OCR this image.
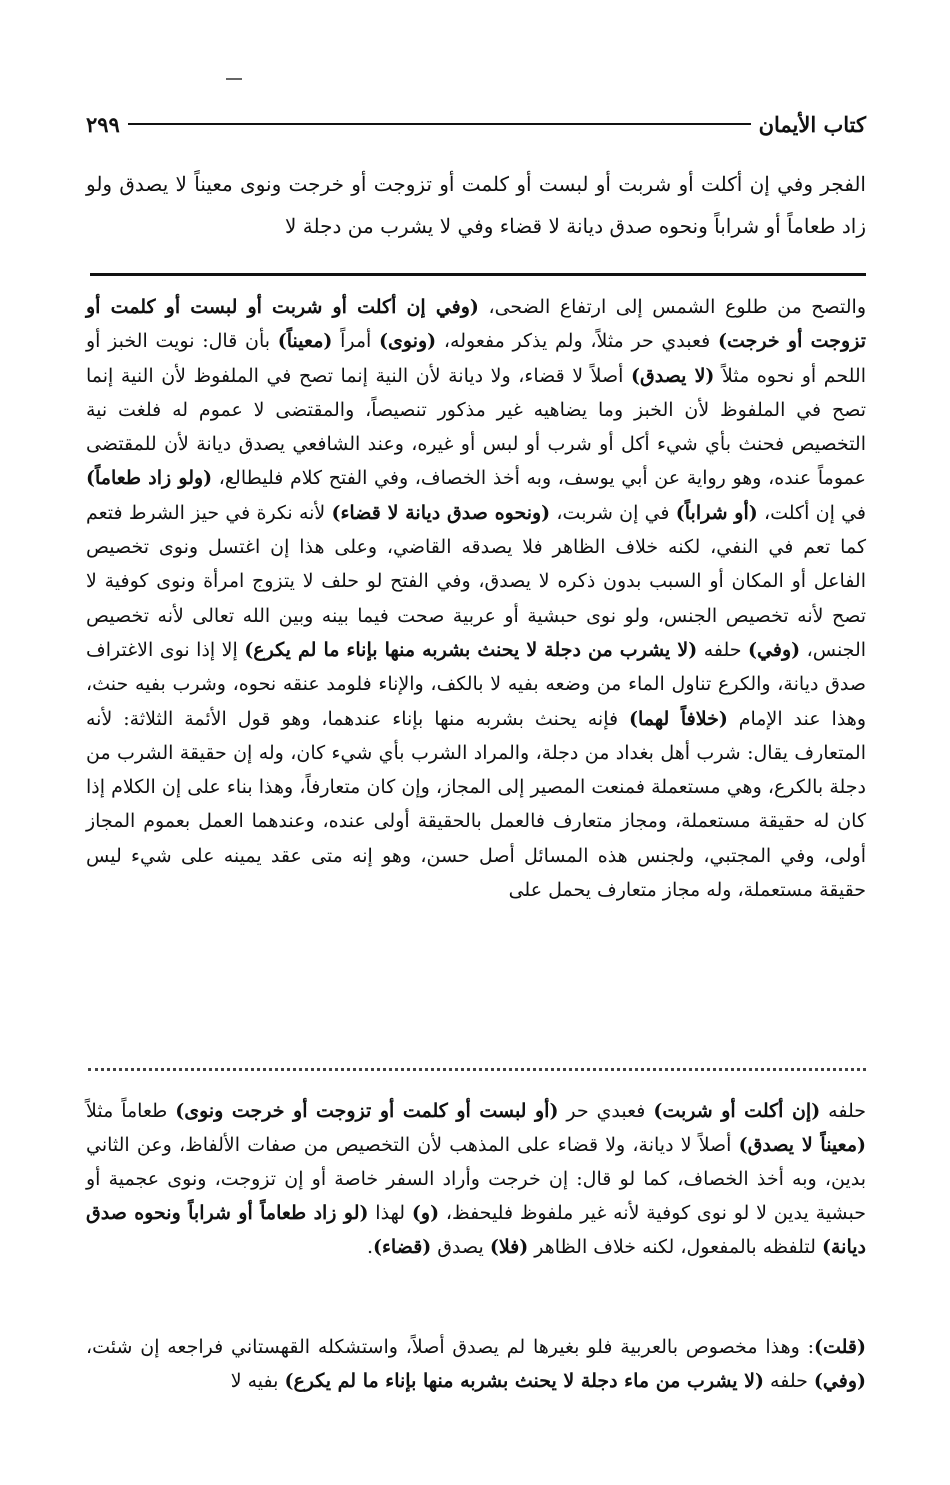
كتاب الأيمان
٢٩٩

الفجر وفي إن أكلت أو شربت أو لبست أو كلمت أو تزوجت أو خرجت ونوى معيناً لا يصدق ولو زاد طعاماً أو شراباً ونحوه صدق ديانة لا قضاء وفي لا يشرب من دجلة لا

والتصح من طلوع الشمس إلى ارتفاع الضحى، (وفي إن أكلت أو شربت أو لبست أو كلمت أو تزوجت أو خرجت) فعبدي حر مثلاً، ولم يذكر مفعوله، (ونوى) أمراً (معيناً) بأن قال: نويت الخبز أو اللحم أو نحوه مثلاً (لا يصدق) أصلاً لا قضاء، ولا ديانة لأن النية إنما تصح في الملفوظ لأن النية إنما تصح في الملفوظ لأن الخبز وما يضاهيه غير مذكور تنصيصاً، والمقتضى لا عموم له فلغت نية التخصيص فحنث بأي شيء أكل أو شرب أو لبس أو غيره، وعند الشافعي يصدق ديانة لأن للمقتضى عموماً عنده، وهو رواية عن أبي يوسف، وبه أخذ الخصاف، وفي الفتح كلام فليطالع، (ولو زاد طعاماً) في إن أكلت، (أو شراباً) في إن شربت، (ونحوه صدق ديانة لا قضاء) لأنه نكرة في حيز الشرط فتعم كما تعم في النفي، لكنه خلاف الظاهر فلا يصدقه القاضي، وعلى هذا إن اغتسل ونوى تخصيص الفاعل أو المكان أو السبب بدون ذكره لا يصدق، وفي الفتح لو حلف لا يتزوج امرأة ونوى كوفية لا تصح لأنه تخصيص الجنس، ولو نوى حبشية أو عربية صحت فيما بينه وبين الله تعالى لأنه تخصيص الجنس، (وفي) حلفه (لا يشرب من دجلة لا يحنث بشربه منها بإناء ما لم يكرع) إلا إذا نوى الاغتراف صدق ديانة، والكرع تناول الماء من وضعه بفيه لا بالكف، والإناء فلومد عنقه نحوه، وشرب بفيه حنث، وهذا عند الإمام (خلافاً لهما) فإنه يحنث بشربه منها بإناء عندهما، وهو قول الأئمة الثلاثة: لأنه المتعارف يقال: شرب أهل بغداد من دجلة، والمراد الشرب بأي شيء كان، وله إن حقيقة الشرب من دجلة بالكرع، وهي مستعملة فمنعت المصير إلى المجاز، وإن كان متعارفاً، وهذا بناء على إن الكلام إذا كان له حقيقة مستعملة، ومجاز متعارف فالعمل بالحقيقة أولى عنده، وعندهما العمل بعموم المجاز أولى، وفي المجتبي، ولجنس هذه المسائل أصل حسن، وهو إنه متى عقد يمينه على شيء ليس حقيقة مستعملة، وله مجاز متعارف يحمل على

حلفه (إن أكلت أو شربت) فعبدي حر (أو لبست أو كلمت أو تزوجت أو خرجت ونوى) طعاماً مثلاً (معيناً لا يصدق) أصلاً لا ديانة، ولا قضاء على المذهب لأن التخصيص من صفات الألفاظ، وعن الثاني بدين، وبه أخذ الخصاف، كما لو قال: إن خرجت وأراد السفر خاصة أو إن تزوجت، ونوى عجمية أو حبشية يدين لا لو نوى كوفية لأنه غير ملفوظ فليحفظ، (و) لهذا (لو زاد طعاماً أو شراباً ونحوه صدق ديانة) لتلفظه بالمفعول، لكنه خلاف الظاهر (فلا) يصدق (قضاء).

(قلت): وهذا مخصوص بالعربية فلو بغيرها لم يصدق أصلاً، واستشكله القهستاني فراجعه إن شئت، (وفي) حلفه (لا يشرب من ماء دجلة لا يحنث بشربه منها بإناء ما لم يكرع) بفيه لا
